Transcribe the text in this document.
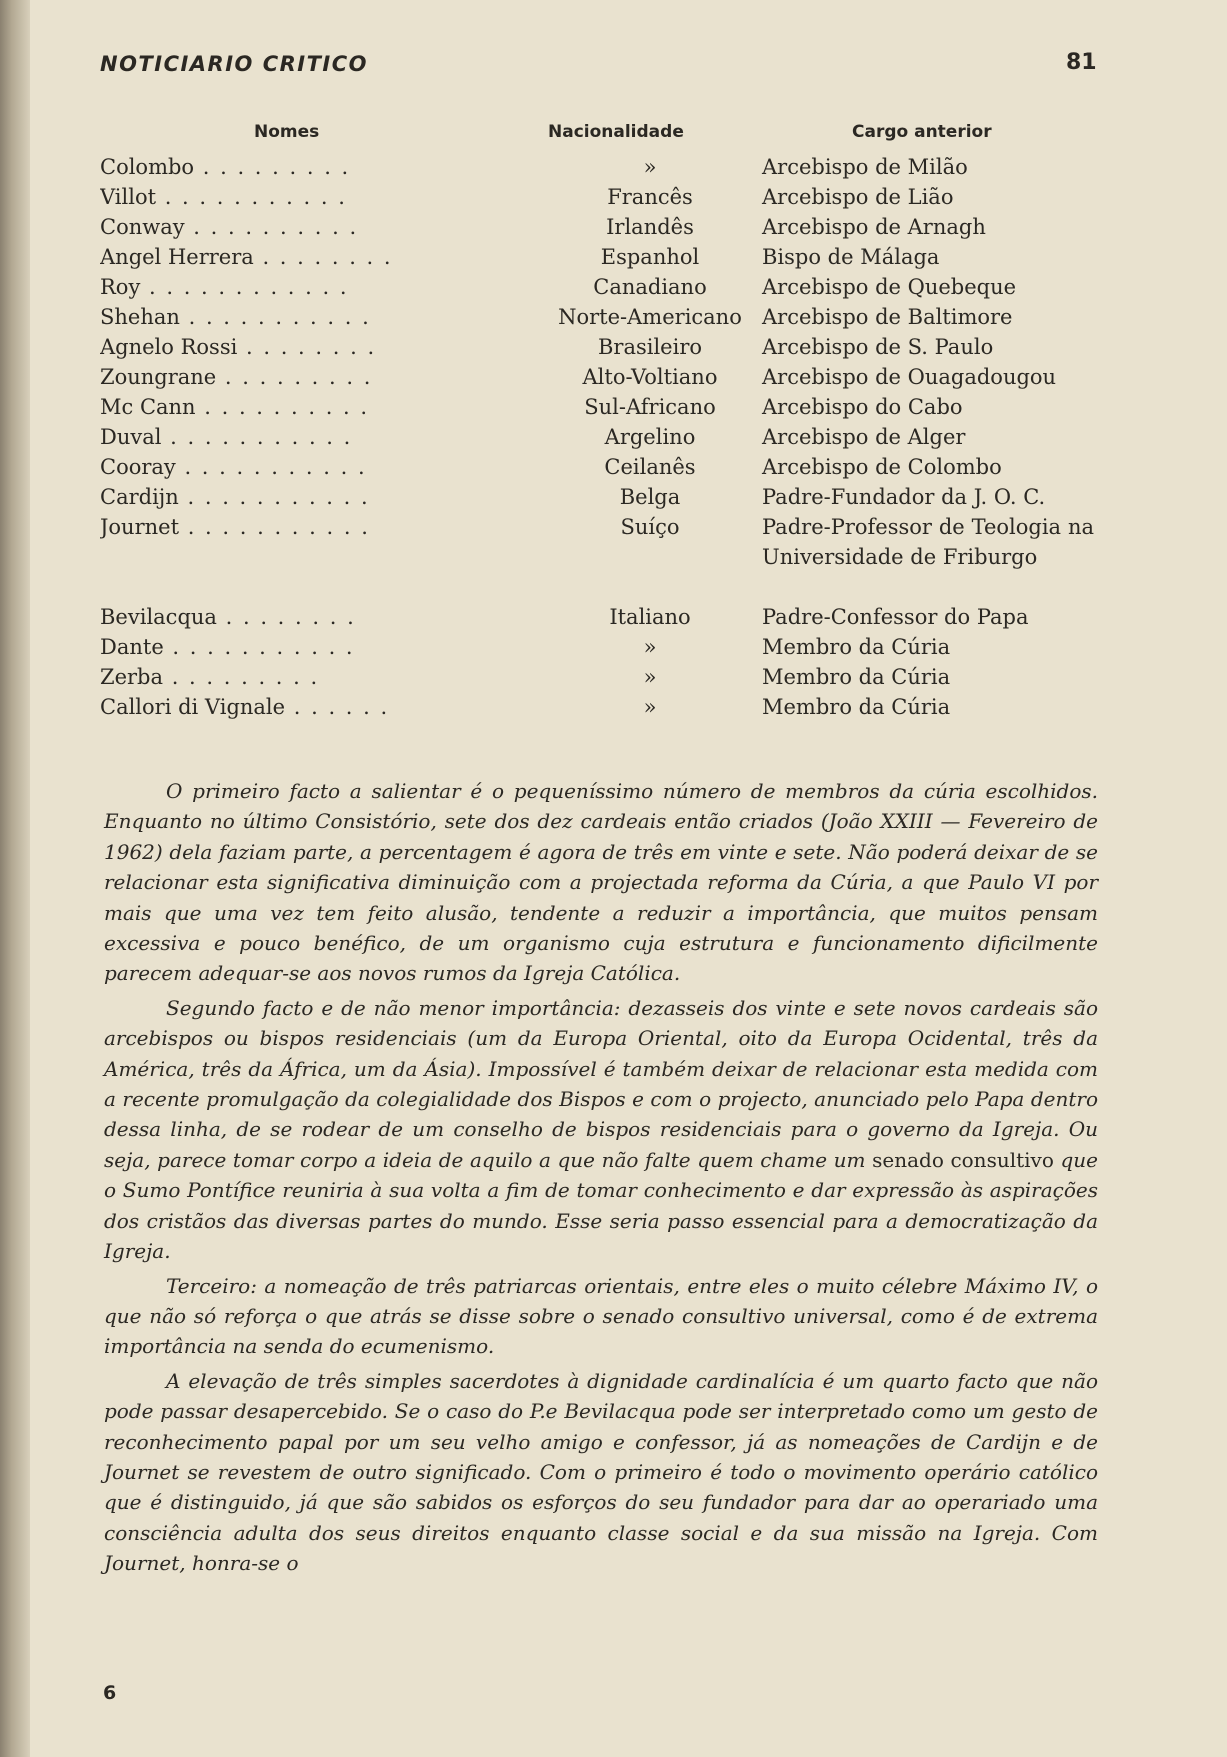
NOTICIARIO CRITICO	81
Nomes	Nacionalidade	Cargo anterior
Colombo . . . . . . . . .	»	Arcebispo de Milão
Villot . . . . . . . . . . .	Francês	Arcebispo de Lião
Conway . . . . . . . . . .	Irlandês	Arcebispo de Arnagh
Angel Herrera . . . . . . . .	Espanhol	Bispo de Málaga
Roy . . . . . . . . . . . .	Canadiano	Arcebispo de Quebeque
Shehan . . . . . . . . . . .	Norte-Americano Arcebispo de Baltimore
Agnelo Rossi . . . . . . . .	Brasileiro	Arcebispo de S. Paulo
Zoungrane . . . . . . . . .	Alto-Voltiano	Arcebispo de Ouagadougou
Mc Cann . . . . . . . . . .	Sul-Africano	Arcebispo do Cabo
Duval . . . . . . . . . . .	Argelino	Arcebispo de Alger
Cooray . . . . . . . . . . .	Ceilanês	Arcebispo de Colombo
Cardijn . . . . . . . . . . .	Belga	Padre-Fundador da J. O. C.
Journet . . . . . . . . . . .	Suíço	Padre-Professor de Teologia na Universidade de Friburgo
Bevilacqua . . . . . . . .	Italiano	Padre-Confessor do Papa
Dante . . . . . . . . . . .	»	Membro da Cúria
Zerba . . . . . . . . .	»	Membro da Cúria
Callori di Vignale . . . . . .	»	Membro da Cúria

O primeiro facto a salientar é o pequeníssimo número de membros da cúria escolhidos. Enquanto no último Consistório, sete dos dez cardeais então criados (João XXIII — Fevereiro de 1962) dela faziam parte, a percentagem é agora de três em vinte e sete. Não poderá deixar de se relacionar esta significativa diminuição com a projectada reforma da Cúria, a que Paulo VI por mais que uma vez tem feito alusão, tendente a reduzir a importância, que muitos pensam excessiva e pouco benéfico, de um organismo cuja estrutura e funcionamento dificilmente parecem adequar-se aos novos rumos da Igreja Católica.

Segundo facto e de não menor importância: dezasseis dos vinte e sete novos cardeais são arcebispos ou bispos residenciais (um da Europa Oriental, oito da Europa Ocidental, três da América, três da África, um da Ásia). Impossível é também deixar de relacionar esta medida com a recente promulgação da colegialidade dos Bispos e com o projecto, anunciado pelo Papa dentro dessa linha, de se rodear de um conselho de bispos residenciais para o governo da Igreja. Ou seja, parece tomar corpo a ideia de aquilo a que não falte quem chame um senado consultivo que o Sumo Pontífice reuniria à sua volta a fim de tomar conhecimento e dar expressão às aspirações dos cristãos das diversas partes do mundo. Esse seria passo essencial para a democratização da Igreja.

Terceiro: a nomeação de três patriarcas orientais, entre eles o muito célebre Máximo IV, o que não só reforça o que atrás se disse sobre o senado consultivo universal, como é de extrema importância na senda do ecumenismo.

A elevação de três simples sacerdotes à dignidade cardinalícia é um quarto facto que não pode passar desapercebido. Se o caso do P.e Bevilacqua pode ser interpretado como um gesto de reconhecimento papal por um seu velho amigo e confessor, já as nomeações de Cardijn e de Journet se revestem de outro significado. Com o primeiro é todo o movimento operário católico que é distinguido, já que são sabidos os esforços do seu fundador para dar ao operariado uma consciência adulta dos seus direitos enquanto classe social e da sua missão na Igreja. Com Journet, honra-se o

6
